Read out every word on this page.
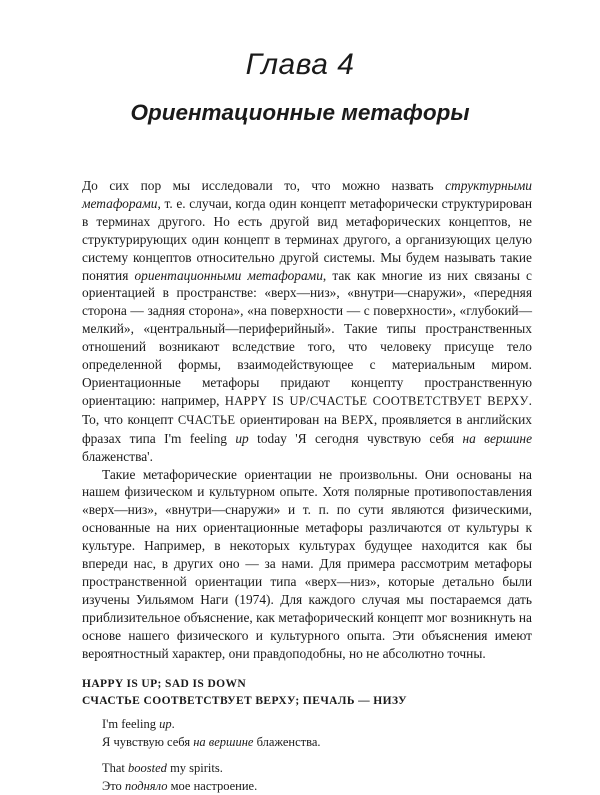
Глава 4
Ориентационные метафоры

До сих пор мы исследовали то, что можно назвать структурными метафорами, т. е. случаи, когда один концепт метафорически структурирован в терминах другого. Но есть другой вид метафорических концептов, не структурирующих один концепт в терминах другого, а организующих целую систему концептов относительно другой системы. Мы будем называть такие понятия ориентационными метафорами, так как многие из них связаны с ориентацией в пространстве: «верх—низ», «внутри—снаружи», «передняя сторона — задняя сторона», «на поверхности — с поверхности», «глубокий—мелкий», «центральный—периферийный». Такие типы пространственных отношений возникают вследствие того, что человеку присуще тело определенной формы, взаимодействующее с материальным миром. Ориентационные метафоры придают концепту пространственную ориентацию: например, HAPPY IS UP/СЧАСТЬЕ СООТВЕТСТВУЕТ ВЕРХУ. То, что концепт СЧАСТЬЕ ориентирован на ВЕРХ, проявляется в английских фразах типа I'm feeling up today 'Я сегодня чувствую себя на вершине блаженства'.

Такие метафорические ориентации не произвольны. Они основаны на нашем физическом и культурном опыте. Хотя полярные противопоставления «верх—низ», «внутри—снаружи» и т. п. по сути являются физическими, основанные на них ориентационные метафоры различаются от культуры к культуре. Например, в некоторых культурах будущее находится как бы впереди нас, в других оно — за нами. Для примера рассмотрим метафоры пространственной ориентации типа «верх—низ», которые детально были изучены Уильямом Наги (1974). Для каждого случая мы постараемся дать приблизительное объяснение, как метафорический концепт мог возникнуть на основе нашего физического и культурного опыта. Эти объяснения имеют вероятностный характер, они правдоподобны, но не абсолютно точны.

HAPPY IS UP; SAD IS DOWN

СЧАСТЬЕ СООТВЕТСТВУЕТ ВЕРХУ; ПЕЧАЛЬ — НИЗУ

I'm feeling up.

Я чувствую себя на вершине блаженства.

That boosted my spirits.

Это подняло мое настроение.
